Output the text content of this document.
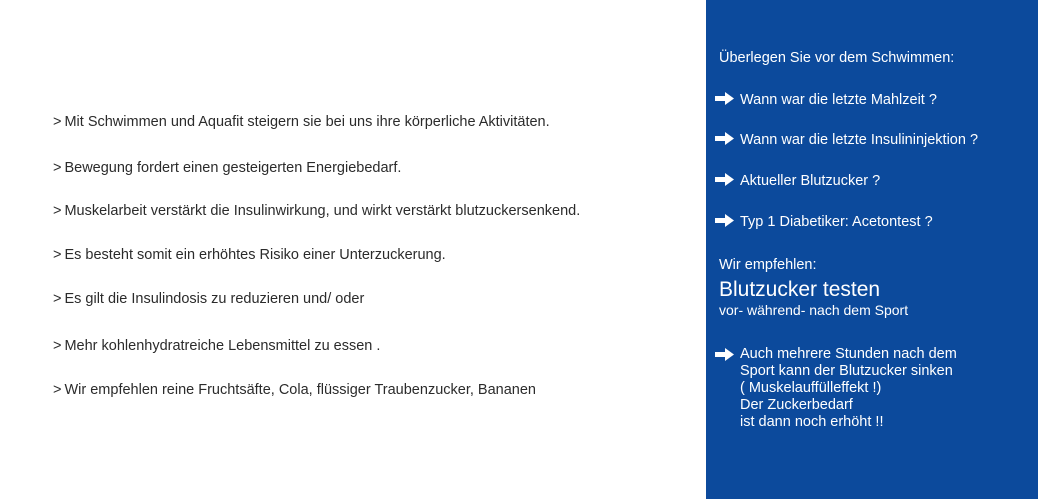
> Mit Schwimmen und Aquafit steigern sie bei uns ihre körperliche Aktivitäten.
> Bewegung fordert einen gesteigerten Energiebedarf.
> Muskelarbeit verstärkt die Insulinwirkung, und wirkt verstärkt blutzuckersenkend.
> Es besteht somit ein erhöhtes Risiko einer Unterzuckerung.
> Es gilt die Insulindosis zu reduzieren und/ oder
> Mehr kohlenhydratreiche Lebensmittel zu essen .
> Wir empfehlen reine Fruchtsäfte, Cola, flüssiger Traubenzucker, Bananen
Überlegen Sie vor dem Schwimmen:
Wann war die letzte Mahlzeit ?
Wann war die letzte Insulininjektion ?
Aktueller Blutzucker ?
Typ 1 Diabetiker: Acetontest ?
Wir empfehlen:
Blutzucker testen
vor- während- nach dem Sport
Auch mehrere Stunden nach dem
Sport kann der Blutzucker sinken
( Muskelauffülleffekt !)
Der Zuckerbedarf
ist dann noch erhöht !!
